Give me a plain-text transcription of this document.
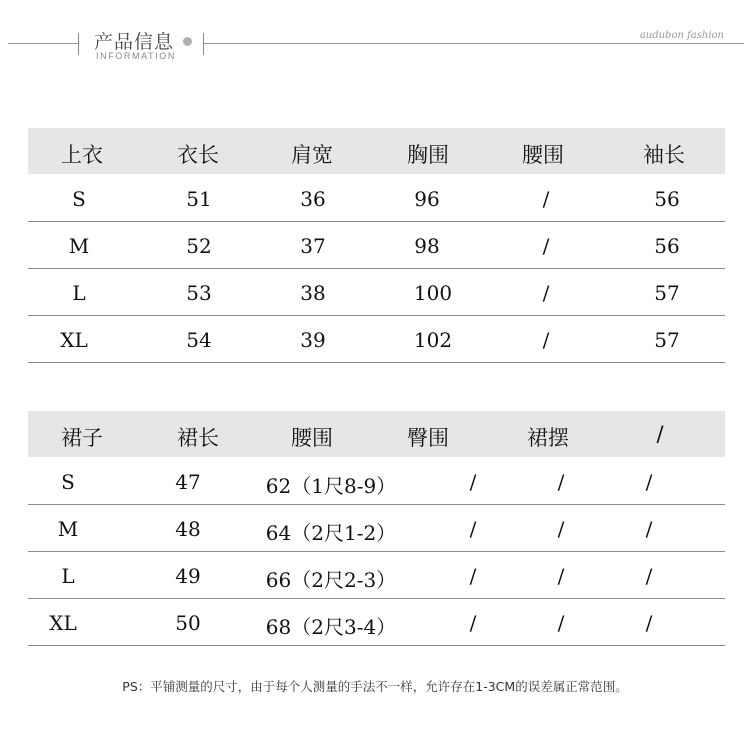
产品信息
INFORMATION
audubon fashion
上衣	衣长	肩宽	胸围	腰围	袖长
S	51	36	96	/	56
M	52	37	98	/	56
L	53	38	100	/	57
XL	54	39	102	/	57
裙子	裙长	腰围	臀围	裙摆	/
S	47	62（1尺8-9）	/	/	/
M	48	64（2尺1-2）	/	/	/
L	49	66（2尺2-3）	/	/	/
XL	50	68（2尺3-4）	/	/	/
PS：平铺测量的尺寸，由于每个人测量的手法不一样，允许存在1-3CM的误差属正常范围。
